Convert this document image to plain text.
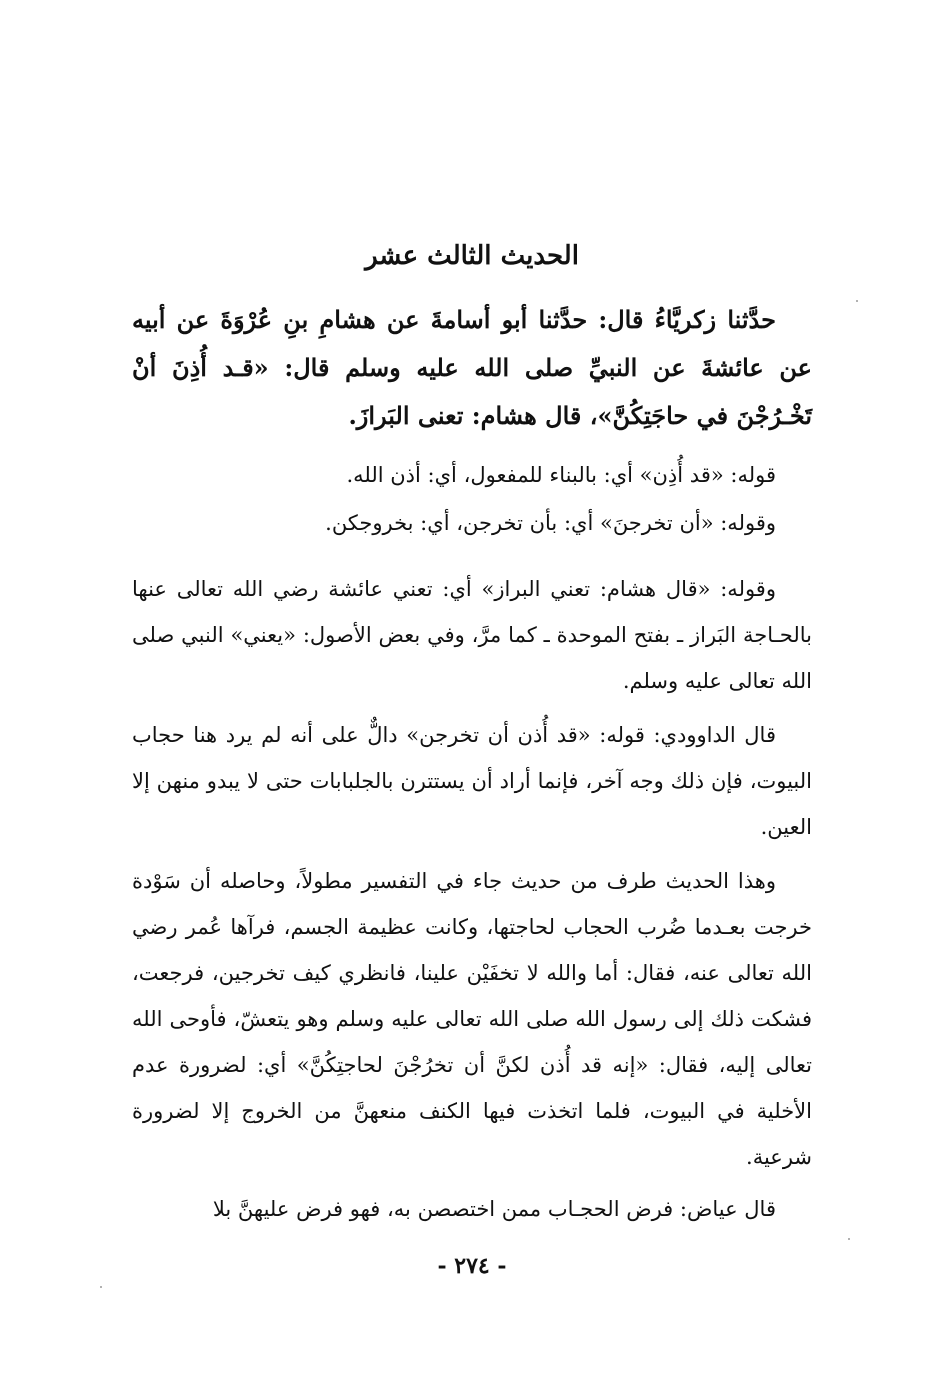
الحديث الثالث عشر

حدَّثنا زكريَّاءُ قال: حدَّثنا أبو أسامةَ عن هشامِ بنِ عُرْوَةَ عن أبيه عن عائشةَ عن النبيِّ صلى الله عليه وسلم قال: «قـد أُذِنَ أنْ تَخْـرُجْنَ في حاجَتِكُنَّ»، قال هشام: تعنى البَرازَ.

قوله: «قد أُذِن» أي: بالبناء للمفعول، أي: أذن الله.

وقوله: «أن تخرجنَ» أي: بأن تخرجن، أي: بخروجكن.

وقوله: «قال هشام: تعني البراز» أي: تعني عائشة رضي الله تعالى عنها بالحـاجة البَراز ـ بفتح الموحدة ـ كما مرَّ، وفي بعض الأصول: «يعني» النبي صلى الله تعالى عليه وسلم.

قال الداوودي: قوله: «قد أُذن أن تخرجن» دالٌّ على أنه لم يرد هنا حجاب البيوت، فإن ذلك وجه آخر، فإنما أراد أن يستترن بالجلبابات حتى لا يبدو منهن إلا العين.

وهذا الحديث طرف من حديث جاء في التفسير مطولاً، وحاصله أن سَوْدة خرجت بعـدما ضُرب الحجاب لحاجتها، وكانت عظيمة الجسم، فرآها عُمر رضي الله تعالى عنه، فقال: أما والله لا تخفَيْن علينا، فانظري كيف تخرجين، فرجعت، فشكت ذلك إلى رسول الله صلى الله تعالى عليه وسلم وهو يتعشّ، فأوحى الله تعالى إليه، فقال: «إنه قد أُذن لكنَّ أن تخرُجْنَ لحاجتِكُنَّ» أي: لضرورة عدم الأخلية في البيوت، فلما اتخذت فيها الكنف منعهنَّ من الخروج إلا لضرورة شرعية.

قال عياض: فرض الحجـاب ممن اختصصن به، فهو فرض عليهنَّ بلا

- ٢٧٤ -
